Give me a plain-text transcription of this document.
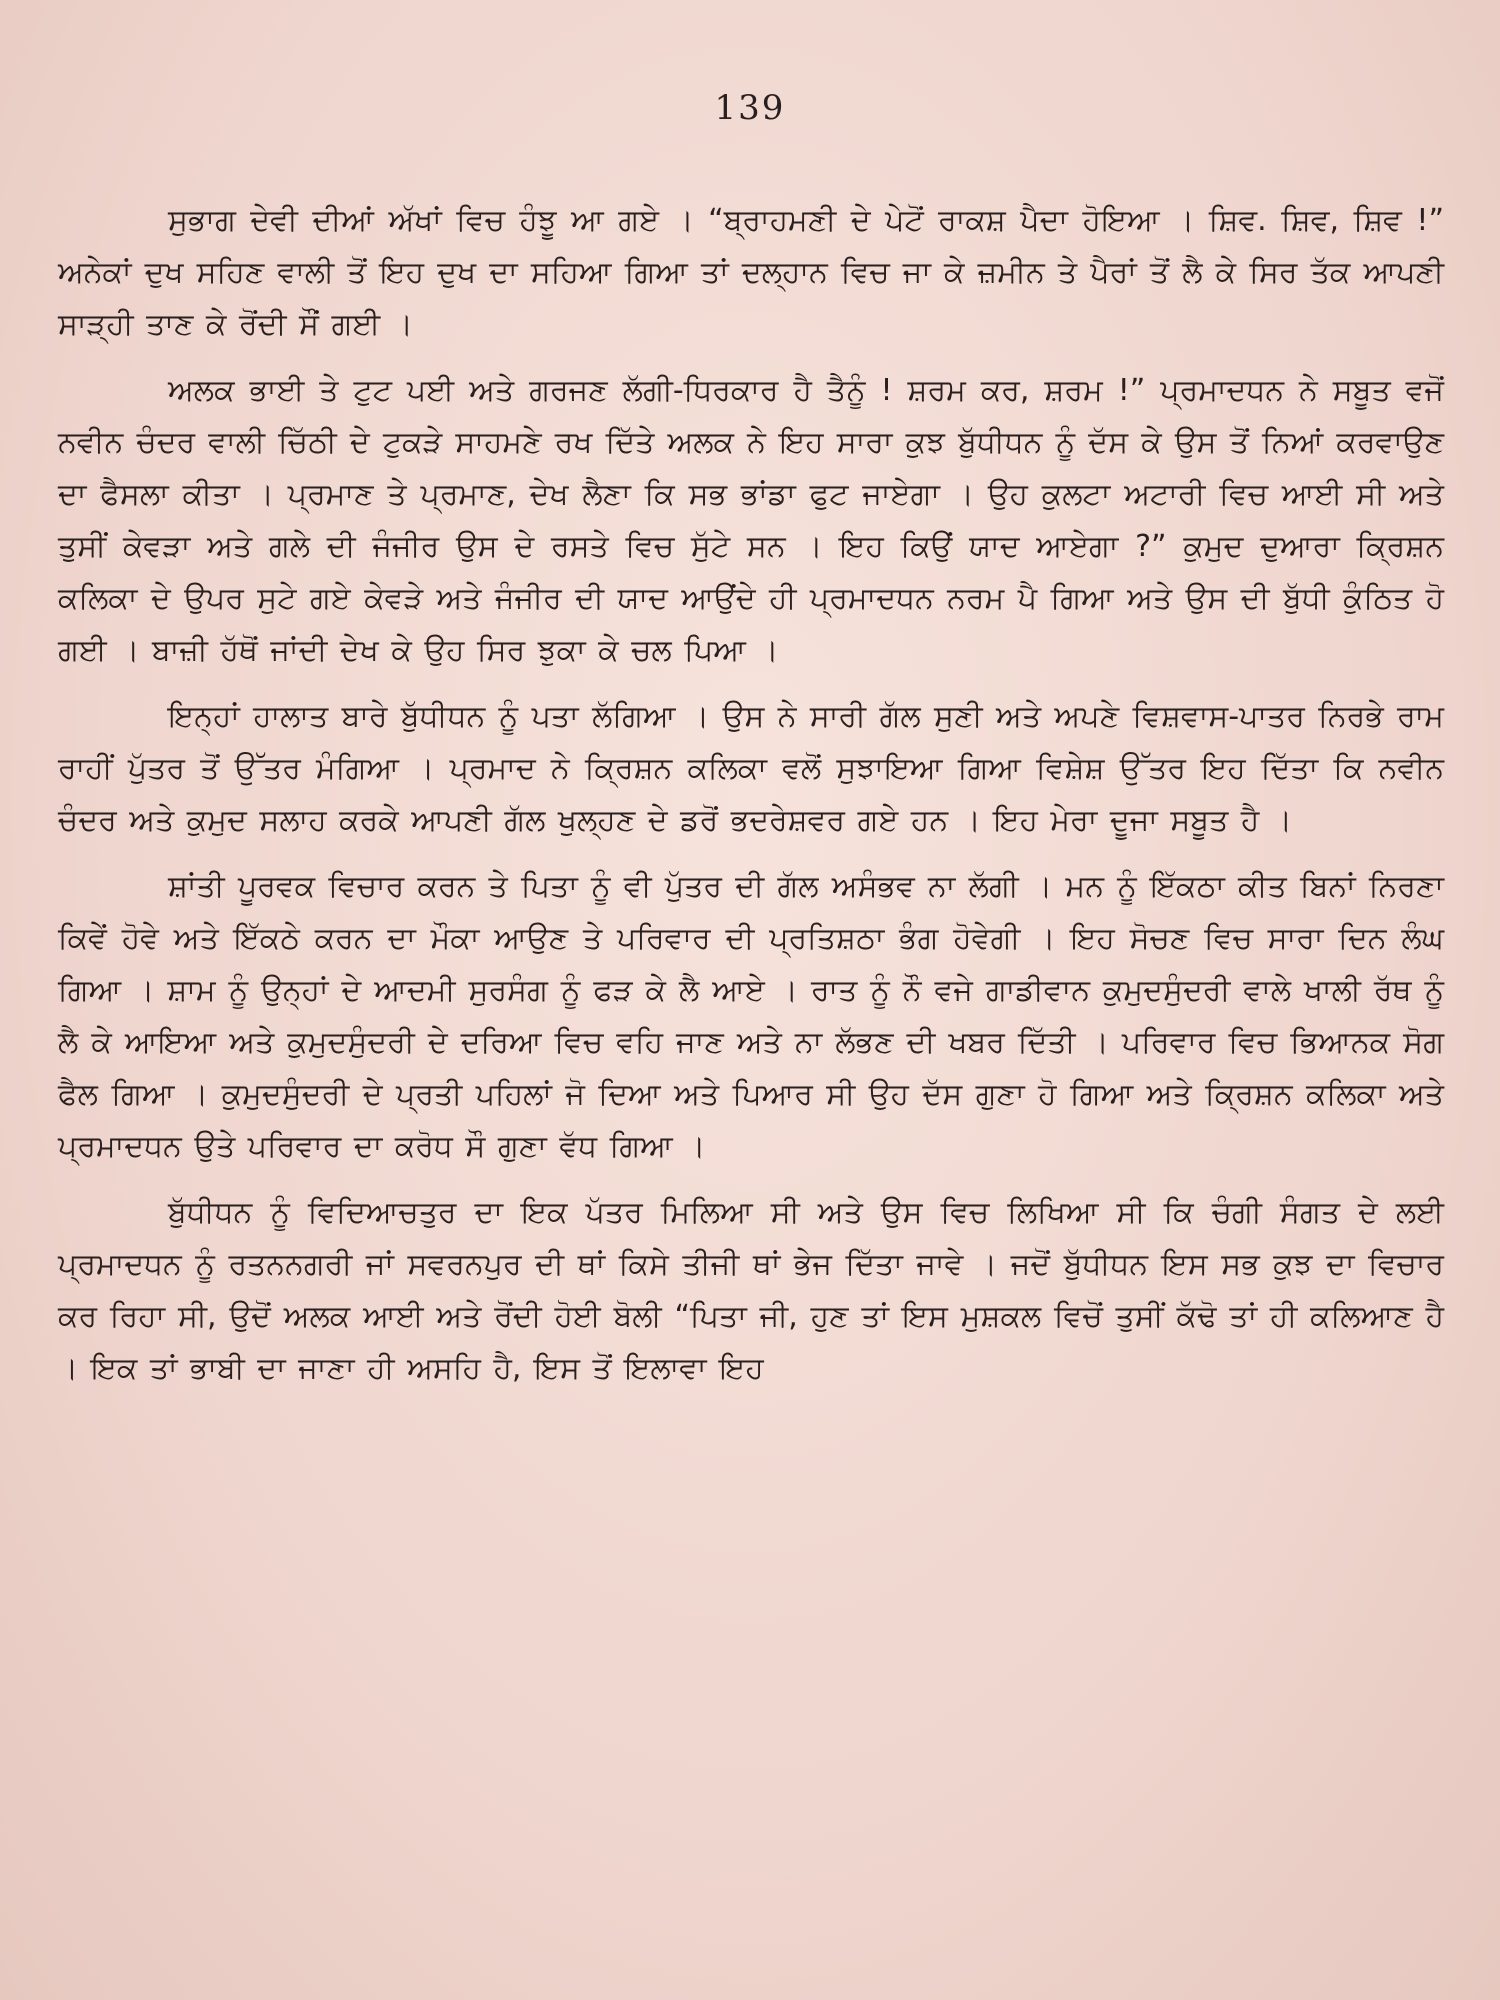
139

ਸੁਭਾਗ ਦੇਵੀ ਦੀਆਂ ਅੱਖਾਂ ਵਿਚ ਹੰਝੂ ਆ ਗਏ । “ਬ੍ਰਾਹਮਣੀ ਦੇ ਪੇਟੋਂ ਰਾਕਸ਼ ਪੈਦਾ ਹੋਇਆ । ਸ਼ਿਵ. ਸ਼ਿਵ, ਸ਼ਿਵ !” ਅਨੇਕਾਂ ਦੁਖ ਸਹਿਣ ਵਾਲੀ ਤੋਂ ਇਹ ਦੁਖ ਦਾ ਸਹਿਆ ਗਿਆ ਤਾਂ ਦਲ੍ਹਾਨ ਵਿਚ ਜਾ ਕੇ ਜ਼ਮੀਨ ਤੇ ਪੈਰਾਂ ਤੋਂ ਲੈ ਕੇ ਸਿਰ ਤੱਕ ਆਪਣੀ ਸਾੜ੍ਹੀ ਤਾਣ ਕੇ ਰੋਂਦੀ ਸੌਂ ਗਈ ।

ਅਲਕ ਭਾਈ ਤੇ ਟੁਟ ਪਈ ਅਤੇ ਗਰਜਣ ਲੱਗੀ-ਧਿਰਕਾਰ ਹੈ ਤੈਨੂੰ ! ਸ਼ਰਮ ਕਰ, ਸ਼ਰਮ !” ਪ੍ਰਮਾਦਧਨ ਨੇ ਸਬੂਤ ਵਜੋਂ ਨਵੀਨ ਚੰਦਰ ਵਾਲੀ ਚਿੱਠੀ ਦੇ ਟੁਕੜੇ ਸਾਹਮਣੇ ਰਖ ਦਿੱਤੇ ਅਲਕ ਨੇ ਇਹ ਸਾਰਾ ਕੁਝ ਬੁੱਧੀਧਨ ਨੂੰ ਦੱਸ ਕੇ ਉਸ ਤੋਂ ਨਿਆਂ ਕਰਵਾਉਣ ਦਾ ਫੈਸਲਾ ਕੀਤਾ । ਪ੍ਰਮਾਣ ਤੇ ਪ੍ਰਮਾਣ, ਦੇਖ ਲੈਣਾ ਕਿ ਸਭ ਭਾਂਡਾ ਫੁਟ ਜਾਏਗਾ । ਉਹ ਕੁਲਟਾ ਅਟਾਰੀ ਵਿਚ ਆਈ ਸੀ ਅਤੇ ਤੁਸੀਂ ਕੇਵੜਾ ਅਤੇ ਗਲੇ ਦੀ ਜੰਜੀਰ ਉਸ ਦੇ ਰਸਤੇ ਵਿਚ ਸੁੱਟੇ ਸਨ । ਇਹ ਕਿਉਂ ਯਾਦ ਆਏਗਾ ?” ਕੁਮੁਦ ਦੁਆਰਾ ਕ੍ਰਿਸ਼ਨ ਕਲਿਕਾ ਦੇ ਉਪਰ ਸੁਟੇ ਗਏ ਕੇਵੜੇ ਅਤੇ ਜੰਜੀਰ ਦੀ ਯਾਦ ਆਉਂਦੇ ਹੀ ਪ੍ਰਮਾਦਧਨ ਨਰਮ ਪੈ ਗਿਆ ਅਤੇ ਉਸ ਦੀ ਬੁੱਧੀ ਕੁੰਠਿਤ ਹੋ ਗਈ । ਬਾਜ਼ੀ ਹੱਥੋਂ ਜਾਂਦੀ ਦੇਖ ਕੇ ਉਹ ਸਿਰ ਝੁਕਾ ਕੇ ਚਲ ਪਿਆ ।

ਇਨ੍ਹਾਂ ਹਾਲਾਤ ਬਾਰੇ ਬੁੱਧੀਧਨ ਨੂੰ ਪਤਾ ਲੱਗਿਆ । ਉਸ ਨੇ ਸਾਰੀ ਗੱਲ ਸੁਣੀ ਅਤੇ ਅਪਣੇ ਵਿਸ਼ਵਾਸ-ਪਾਤਰ ਨਿਰਭੇ ਰਾਮ ਰਾਹੀਂ ਪੁੱਤਰ ਤੋਂ ਉੱਤਰ ਮੰਗਿਆ । ਪ੍ਰਮਾਦ ਨੇ ਕ੍ਰਿਸ਼ਨ ਕਲਿਕਾ ਵਲੋਂ ਸੁਝਾਇਆ ਗਿਆ ਵਿਸ਼ੇਸ਼ ਉੱਤਰ ਇਹ ਦਿੱਤਾ ਕਿ ਨਵੀਨ ਚੰਦਰ ਅਤੇ ਕੁਮੁਦ ਸਲਾਹ ਕਰਕੇ ਆਪਣੀ ਗੱਲ ਖੁਲ੍ਹਣ ਦੇ ਡਰੋਂ ਭਦਰੇਸ਼ਵਰ ਗਏ ਹਨ । ਇਹ ਮੇਰਾ ਦੂਜਾ ਸਬੂਤ ਹੈ ।

ਸ਼ਾਂਤੀ ਪੂਰਵਕ ਵਿਚਾਰ ਕਰਨ ਤੇ ਪਿਤਾ ਨੂੰ ਵੀ ਪੁੱਤਰ ਦੀ ਗੱਲ ਅਸੰਭਵ ਨਾ ਲੱਗੀ । ਮਨ ਨੂੰ ਇੱਕਠਾ ਕੀਤ ਬਿਨਾਂ ਨਿਰਣਾ ਕਿਵੇਂ ਹੋਵੇ ਅਤੇ ਇੱਕਠੇ ਕਰਨ ਦਾ ਮੌਕਾ ਆਉਣ ਤੇ ਪਰਿਵਾਰ ਦੀ ਪ੍ਰਤਿਸ਼ਠਾ ਭੰਗ ਹੋਵੇਗੀ । ਇਹ ਸੋਚਣ ਵਿਚ ਸਾਰਾ ਦਿਨ ਲੰਘ ਗਿਆ । ਸ਼ਾਮ ਨੂੰ ਉਨ੍ਹਾਂ ਦੇ ਆਦਮੀ ਸੁਰਸੰਗ ਨੂੰ ਫੜ ਕੇ ਲੈ ਆਏ । ਰਾਤ ਨੂੰ ਨੌ ਵਜੇ ਗਾਡੀਵਾਨ ਕੁਮੁਦਸੁੰਦਰੀ ਵਾਲੇ ਖਾਲੀ ਰੱਥ ਨੂੰ ਲੈ ਕੇ ਆਇਆ ਅਤੇ ਕੁਮੁਦਸੁੰਦਰੀ ਦੇ ਦਰਿਆ ਵਿਚ ਵਹਿ ਜਾਣ ਅਤੇ ਨਾ ਲੱਭਣ ਦੀ ਖਬਰ ਦਿੱਤੀ । ਪਰਿਵਾਰ ਵਿਚ ਭਿਆਨਕ ਸੋਗ ਫੈਲ ਗਿਆ । ਕੁਮੁਦਸੁੰਦਰੀ ਦੇ ਪ੍ਰਤੀ ਪਹਿਲਾਂ ਜੋ ਦਿਆ ਅਤੇ ਪਿਆਰ ਸੀ ਉਹ ਦੱਸ ਗੁਣਾ ਹੋ ਗਿਆ ਅਤੇ ਕ੍ਰਿਸ਼ਨ ਕਲਿਕਾ ਅਤੇ ਪ੍ਰਮਾਦਧਨ ਉਤੇ ਪਰਿਵਾਰ ਦਾ ਕਰੋਧ ਸੌ ਗੁਣਾ ਵੱਧ ਗਿਆ ।

ਬੁੱਧੀਧਨ ਨੂੰ ਵਿਦਿਆਚਤੁਰ ਦਾ ਇਕ ਪੱਤਰ ਮਿਲਿਆ ਸੀ ਅਤੇ ਉਸ ਵਿਚ ਲਿਖਿਆ ਸੀ ਕਿ ਚੰਗੀ ਸੰਗਤ ਦੇ ਲਈ ਪ੍ਰਮਾਦਧਨ ਨੂੰ ਰਤਨਨਗਰੀ ਜਾਂ ਸਵਰਨਪੁਰ ਦੀ ਥਾਂ ਕਿਸੇ ਤੀਜੀ ਥਾਂ ਭੇਜ ਦਿੱਤਾ ਜਾਵੇ । ਜਦੋਂ ਬੁੱਧੀਧਨ ਇਸ ਸਭ ਕੁਝ ਦਾ ਵਿਚਾਰ ਕਰ ਰਿਹਾ ਸੀ, ਉਦੋਂ ਅਲਕ ਆਈ ਅਤੇ ਰੋਂਦੀ ਹੋਈ ਬੋਲੀ “ਪਿਤਾ ਜੀ, ਹੁਣ ਤਾਂ ਇਸ ਮੁਸ਼ਕਲ ਵਿਚੋਂ ਤੁਸੀਂ ਕੱਢੋ ਤਾਂ ਹੀ ਕਲਿਆਣ ਹੈ । ਇਕ ਤਾਂ ਭਾਬੀ ਦਾ ਜਾਣਾ ਹੀ ਅਸਹਿ ਹੈ, ਇਸ ਤੋਂ ਇਲਾਵਾ ਇਹ
